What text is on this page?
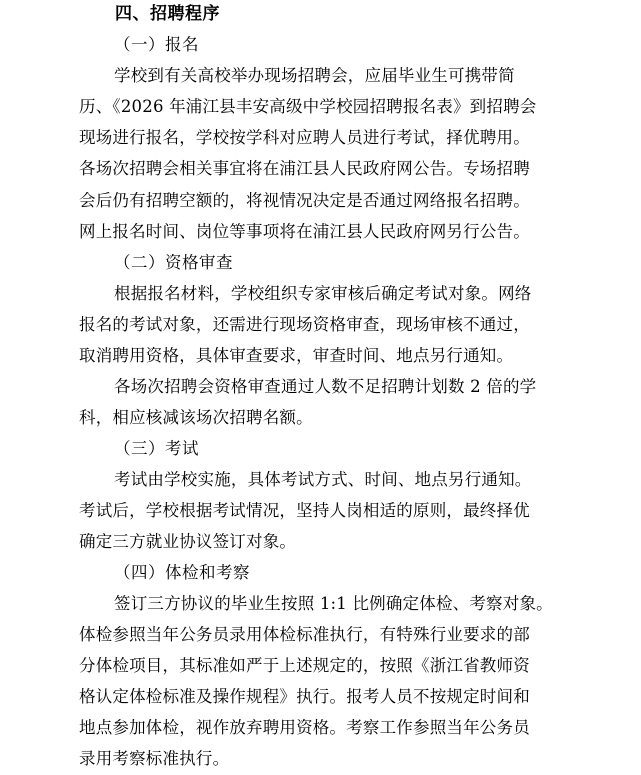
四、招聘程序
（一）报名
学校到有关高校举办现场招聘会，应届毕业生可携带简
历、《2026 年浦江县丰安高级中学校园招聘报名表》到招聘会
现场进行报名，学校按学科对应聘人员进行考试，择优聘用。
各场次招聘会相关事宜将在浦江县人民政府网公告。专场招聘
会后仍有招聘空额的，将视情况决定是否通过网络报名招聘。
网上报名时间、岗位等事项将在浦江县人民政府网另行公告。
（二）资格审查
根据报名材料，学校组织专家审核后确定考试对象。网络
报名的考试对象，还需进行现场资格审查，现场审核不通过，
取消聘用资格，具体审查要求，审查时间、地点另行通知。
各场次招聘会资格审查通过人数不足招聘计划数 2 倍的学
科，相应核减该场次招聘名额。
（三）考试
考试由学校实施，具体考试方式、时间、地点另行通知。
考试后，学校根据考试情况，坚持人岗相适的原则，最终择优
确定三方就业协议签订对象。
（四）体检和考察
签订三方协议的毕业生按照 1:1 比例确定体检、考察对象。
体检参照当年公务员录用体检标准执行，有特殊行业要求的部
分体检项目，其标准如严于上述规定的，按照《浙江省教师资
格认定体检标准及操作规程》执行。报考人员不按规定时间和
地点参加体检，视作放弃聘用资格。考察工作参照当年公务员
录用考察标准执行。
